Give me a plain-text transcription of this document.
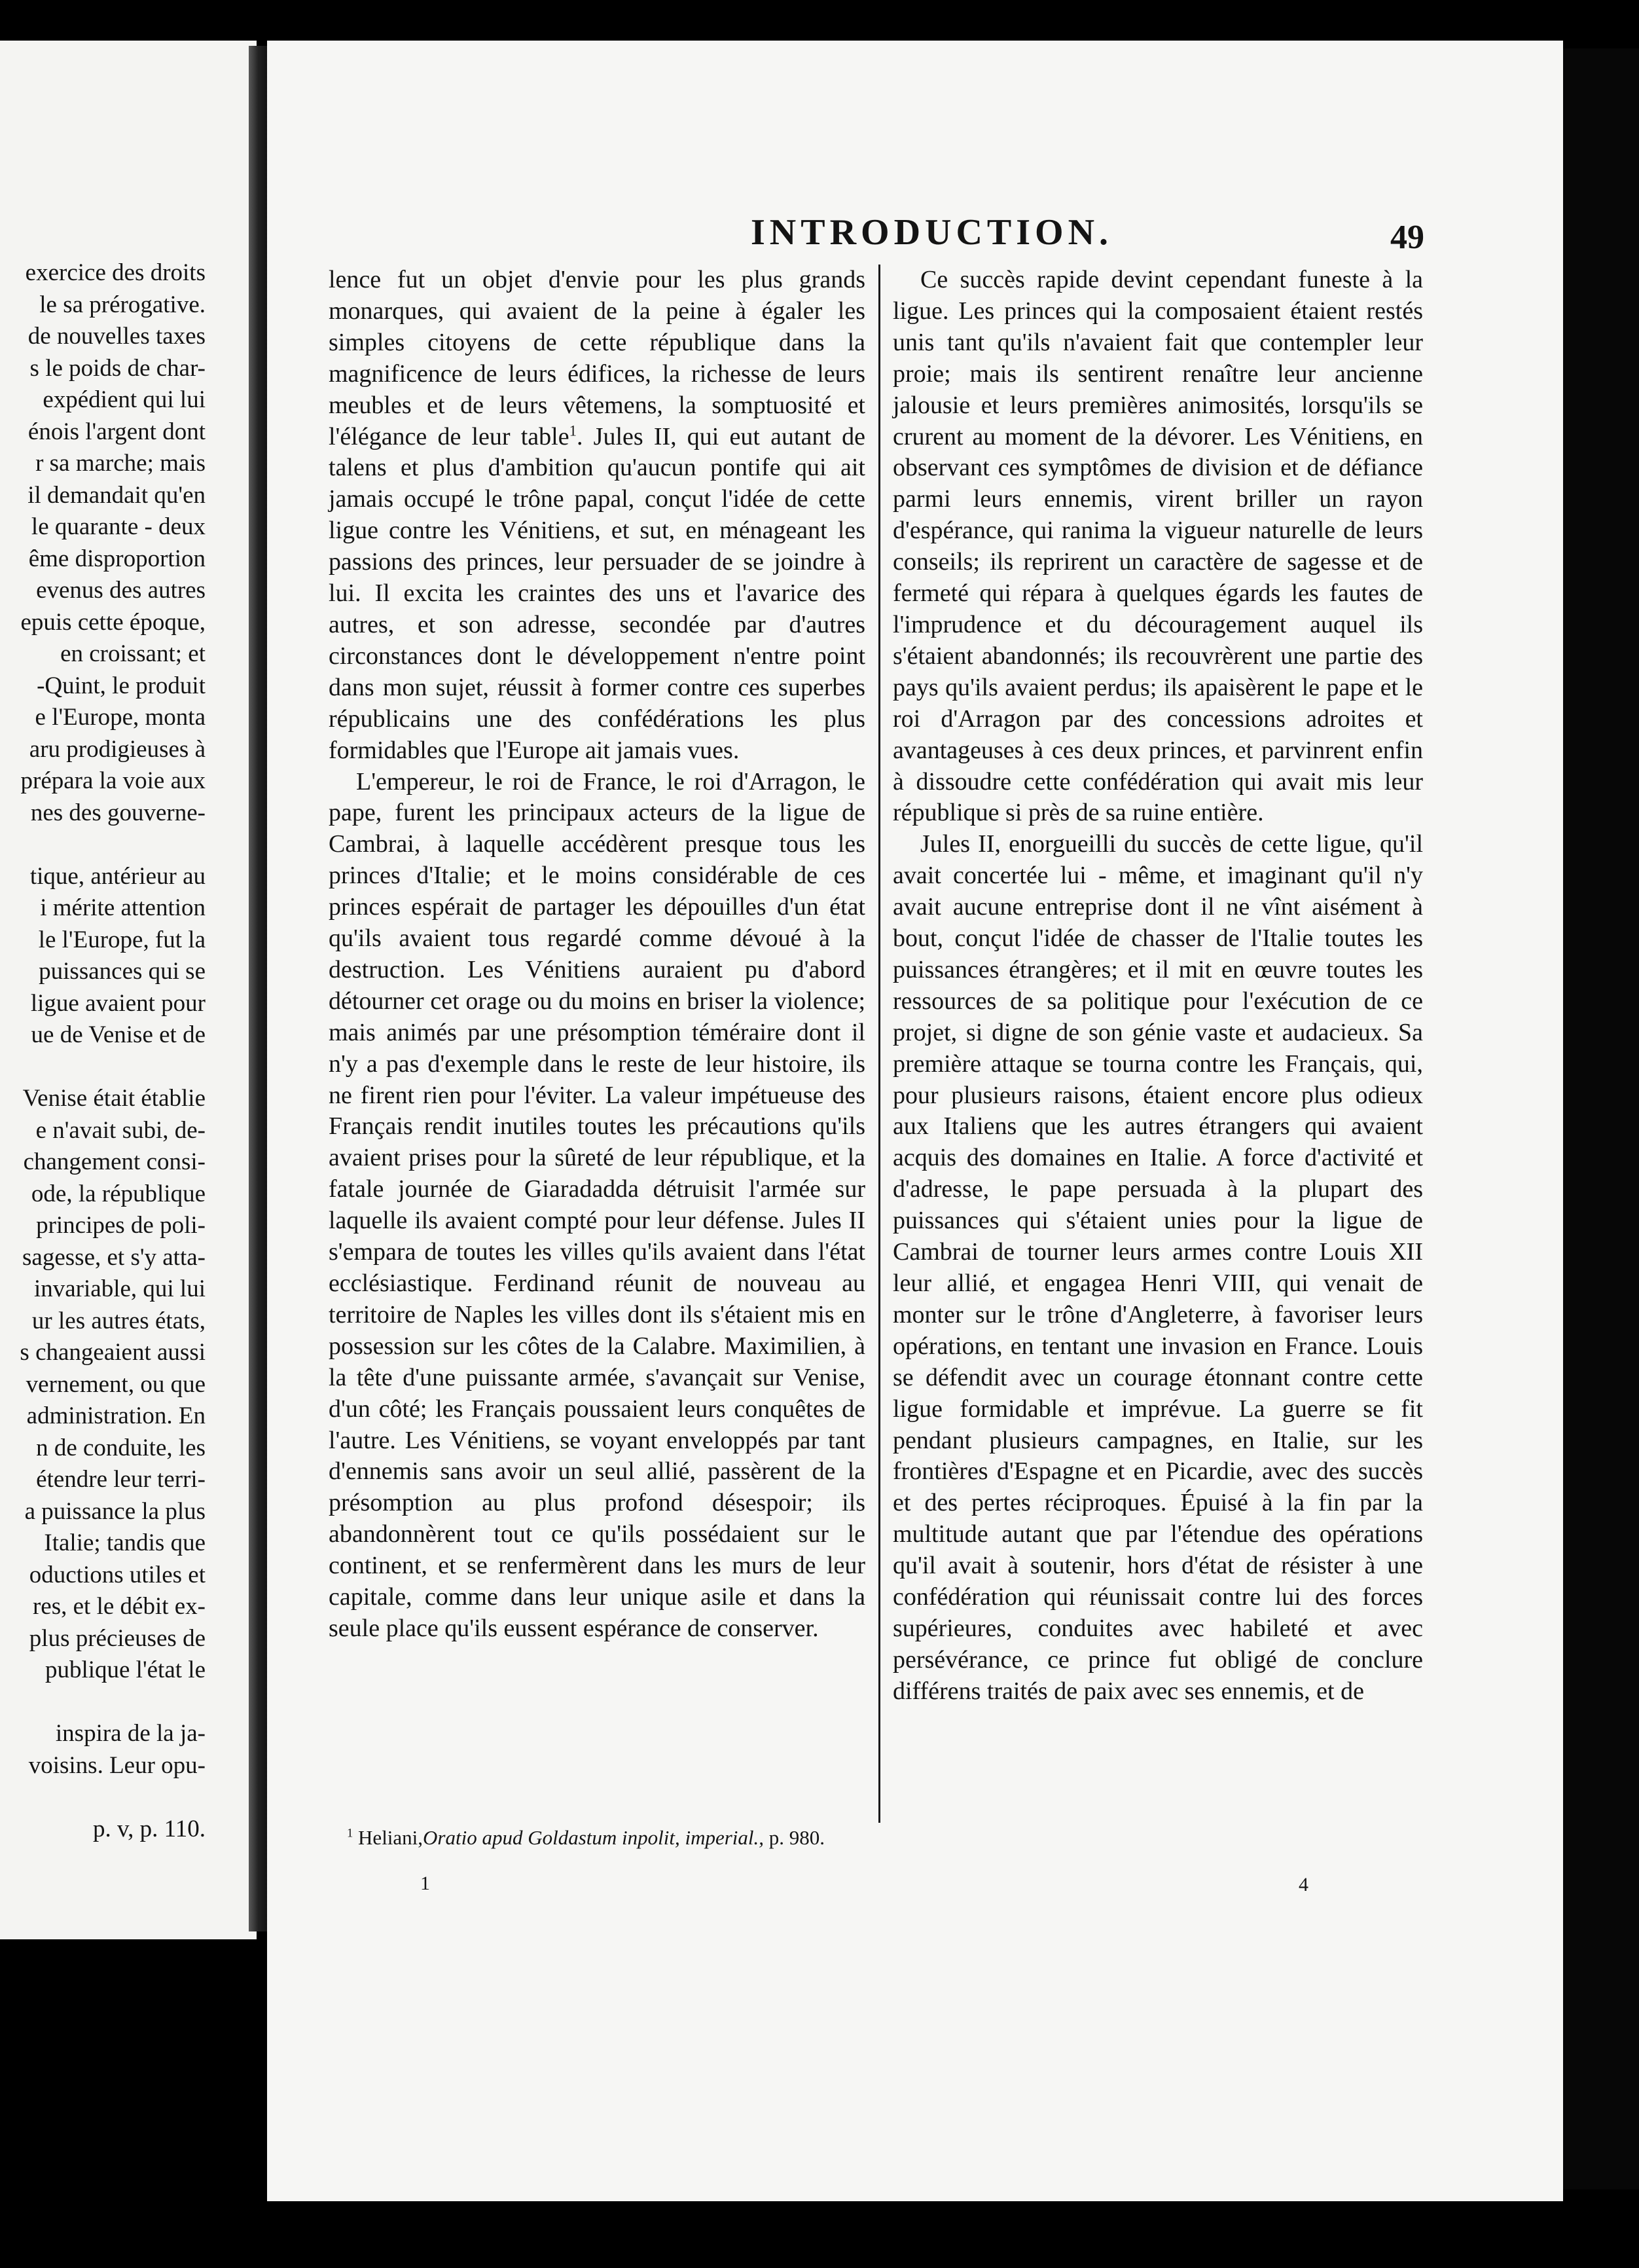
exercice des droits
le sa prérogative.
de nouvelles taxes
s le poids de char-
expédient qui lui
énois l'argent dont
r sa marche; mais
il demandait qu'en
le quarante - deux
ême disproportion
evenus des autres
epuis cette époque,
en croissant; et
-Quint, le produit
e l'Europe, monta
aru prodigieuses à
prépara la voie aux
nes des gouverne-
tique, antérieur au
i mérite attention
le l'Europe, fut la
puissances qui se
ligue avaient pour
ue de Venise et de
Venise était établie
e n'avait subi, de-
changement consi-
ode, la république
principes de poli-
sagesse, et s'y atta-
invariable, qui lui
ur les autres états,
s changeaient aussi
vernement, ou que
administration. En
n de conduite, les
étendre leur terri-
a puissance la plus
Italie; tandis que
oductions utiles et
res, et le débit ex-
plus précieuses de
publique l'état le
inspira de la ja-
voisins. Leur opu-
p. v, p. 110.
INTRODUCTION.	49

lence fut un objet d'envie pour les plus grands monarques, qui avaient de la peine à égaler les simples citoyens de cette république dans la magnificence de leurs édifices, la richesse de leurs meubles et de leurs vêtemens, la somptuosité et l'élégance de leur table$^1$. Jules II, qui eut autant de talens et plus d'ambition qu'aucun pontife qui ait jamais occupé le trône papal, conçut l'idée de cette ligue contre les Vénitiens, et sut, en ménageant les passions des princes, leur persuader de se joindre à lui. Il excita les craintes des uns et l'avarice des autres, et son adresse, secondée par d'autres circonstances dont le développement n'entre point dans mon sujet, réussit à former contre ces superbes républicains une des confédérations les plus formidables que l'Europe ait jamais vues.

L'empereur, le roi de France, le roi d'Arragon, le pape, furent les principaux acteurs de la ligue de Cambrai, à laquelle accédèrent presque tous les princes d'Italie; et le moins considérable de ces princes espérait de partager les dépouilles d'un état qu'ils avaient tous regardé comme dévoué à la destruction. Les Vénitiens auraient pu d'abord détourner cet orage ou du moins en briser la violence; mais animés par une présomption téméraire dont il n'y a pas d'exemple dans le reste de leur histoire, ils ne firent rien pour l'éviter. La valeur impétueuse des Français rendit inutiles toutes les précautions qu'ils avaient prises pour la sûreté de leur république, et la fatale journée de Giaradadda détruisit l'armée sur laquelle ils avaient compté pour leur défense. Jules II s'empara de toutes les villes qu'ils avaient dans l'état ecclésiastique. Ferdinand réunit de nouveau au territoire de Naples les villes dont ils s'étaient mis en possession sur les côtes de la Calabre. Maximilien, à la tête d'une puissante armée, s'avançait sur Venise, d'un côté; les Français poussaient leurs conquêtes de l'autre. Les Vénitiens, se voyant enveloppés par tant d'ennemis sans avoir un seul allié, passèrent de la présomption au plus profond désespoir; ils abandonnèrent tout ce qu'ils possédaient sur le continent, et se renfermèrent dans les murs de leur capitale, comme dans leur unique asile et dans la seule place qu'ils eussent espérance de conserver.

Ce succès rapide devint cependant funeste à la ligue. Les princes qui la composaient étaient restés unis tant qu'ils n'avaient fait que contempler leur proie; mais ils sentirent renaître leur ancienne jalousie et leurs premières animosités, lorsqu'ils se crurent au moment de la dévorer. Les Vénitiens, en observant ces symptômes de division et de défiance parmi leurs ennemis, virent briller un rayon d'espérance, qui ranima la vigueur naturelle de leurs conseils; ils reprirent un caractère de sagesse et de fermeté qui répara à quelques égards les fautes de l'imprudence et du découragement auquel ils s'étaient abandonnés; ils recouvrèrent une partie des pays qu'ils avaient perdus; ils apaisèrent le pape et le roi d'Arragon par des concessions adroites et avantageuses à ces deux princes, et parvinrent enfin à dissoudre cette confédération qui avait mis leur république si près de sa ruine entière.

Jules II, enorgueilli du succès de cette ligue, qu'il avait concertée lui - même, et imaginant qu'il n'y avait aucune entreprise dont il ne vînt aisément à bout, conçut l'idée de chasser de l'Italie toutes les puissances étrangères; et il mit en œuvre toutes les ressources de sa politique pour l'exécution de ce projet, si digne de son génie vaste et audacieux. Sa première attaque se tourna contre les Français, qui, pour plusieurs raisons, étaient encore plus odieux aux Italiens que les autres étrangers qui avaient acquis des domaines en Italie. A force d'activité et d'adresse, le pape persuada à la plupart des puissances qui s'étaient unies pour la ligue de Cambrai de tourner leurs armes contre Louis XII leur allié, et engagea Henri VIII, qui venait de monter sur le trône d'Angleterre, à favoriser leurs opérations, en tentant une invasion en France. Louis se défendit avec un courage étonnant contre cette ligue formidable et imprévue. La guerre se fit pendant plusieurs campagnes, en Italie, sur les frontières d'Espagne et en Picardie, avec des succès et des pertes réciproques. Épuisé à la fin par la multitude autant que par l'étendue des opérations qu'il avait à soutenir, hors d'état de résister à une confédération qui réunissait contre lui des forces supérieures, conduites avec habileté et avec persévérance, ce prince fut obligé de conclure différens traités de paix avec ses ennemis, et de

$^1$ Heliani,Oratio apud Goldastum inpolit, imperial., p. 980.

1	4
